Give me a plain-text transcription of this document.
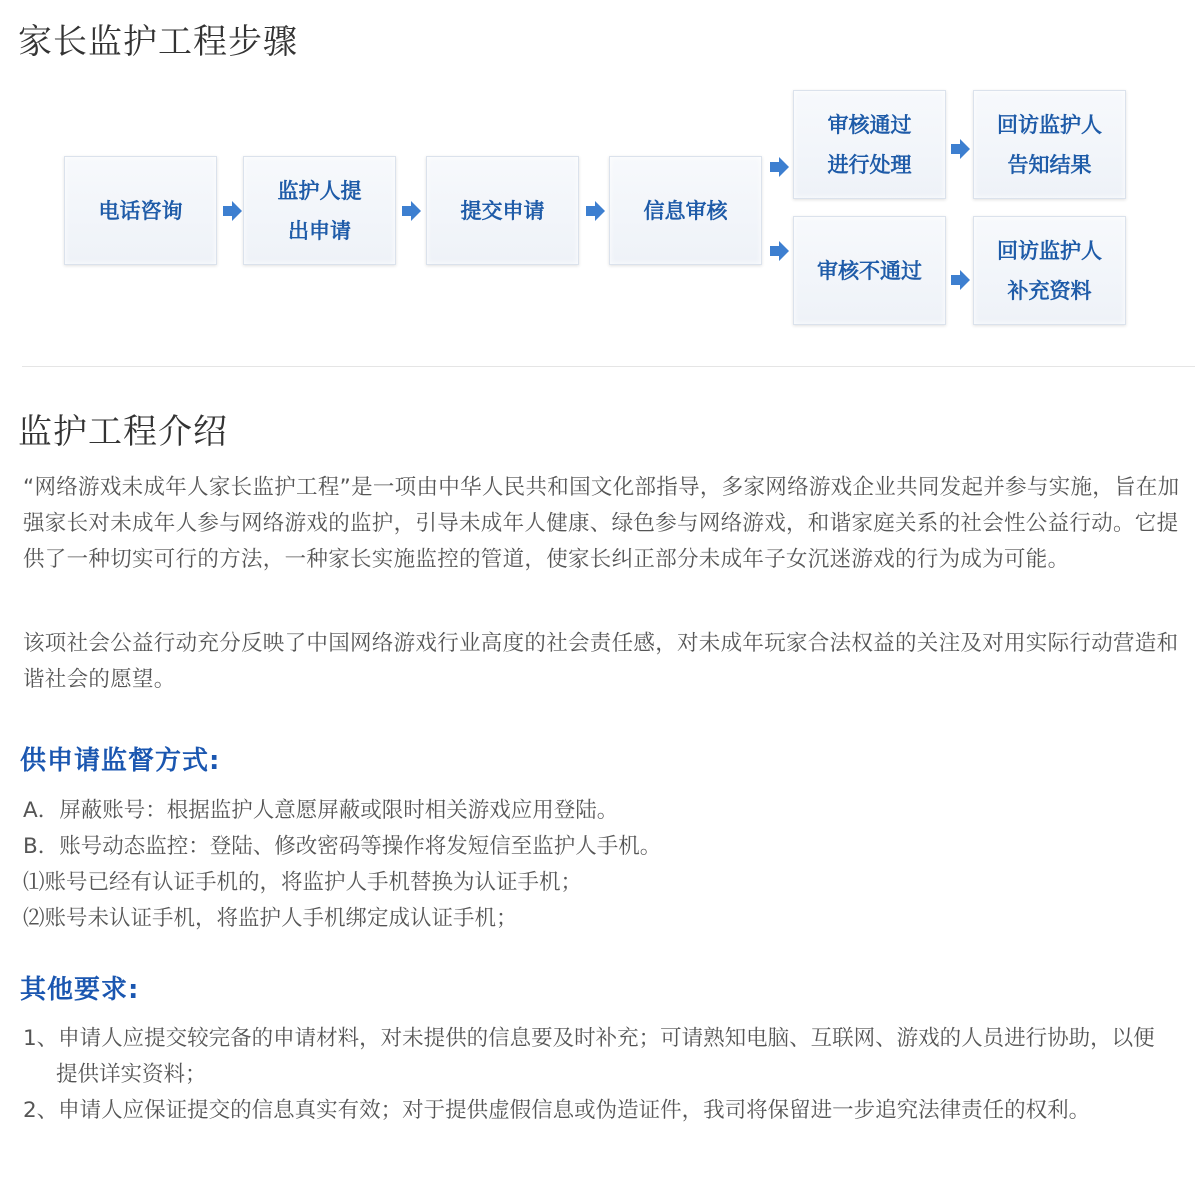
家长监护工程步骤
电话咨询
监护人提
出申请
提交申请	信息审核
审核通过
进行处理
回访监护人
告知结果
审核不通过
回访监护人
补充资料
监护工程介绍

“网络游戏未成年人家长监护工程”是一项由中华人民共和国文化部指导，多家网络游戏企业共同发起并参与实施，旨在加强家长对未成年人参与网络游戏的监护，引导未成年人健康、绿色参与网络游戏，和谐家庭关系的社会性公益行动。它提供了一种切实可行的方法，一种家长实施监控的管道，使家长纠正部分未成年子女沉迷游戏的行为成为可能。

该项社会公益行动充分反映了中国网络游戏行业高度的社会责任感，对未成年玩家合法权益的关注及对用实际行动营造和谐社会的愿望。

供申请监督方式:

A．屏蔽账号：根据监护人意愿屏蔽或限时相关游戏应用登陆。

B．账号动态监控：登陆、修改密码等操作将发短信至监护人手机。

⑴账号已经有认证手机的，将监护人手机替换为认证手机；

⑵账号未认证手机，将监护人手机绑定成认证手机；

其他要求:

1、申请人应提交较完备的申请材料，对未提供的信息要及时补充；可请熟知电脑、互联网、游戏的人员进行协助，以便提供详实资料；

2、申请人应保证提交的信息真实有效；对于提供虚假信息或伪造证件，我司将保留进一步追究法律责任的权利。
